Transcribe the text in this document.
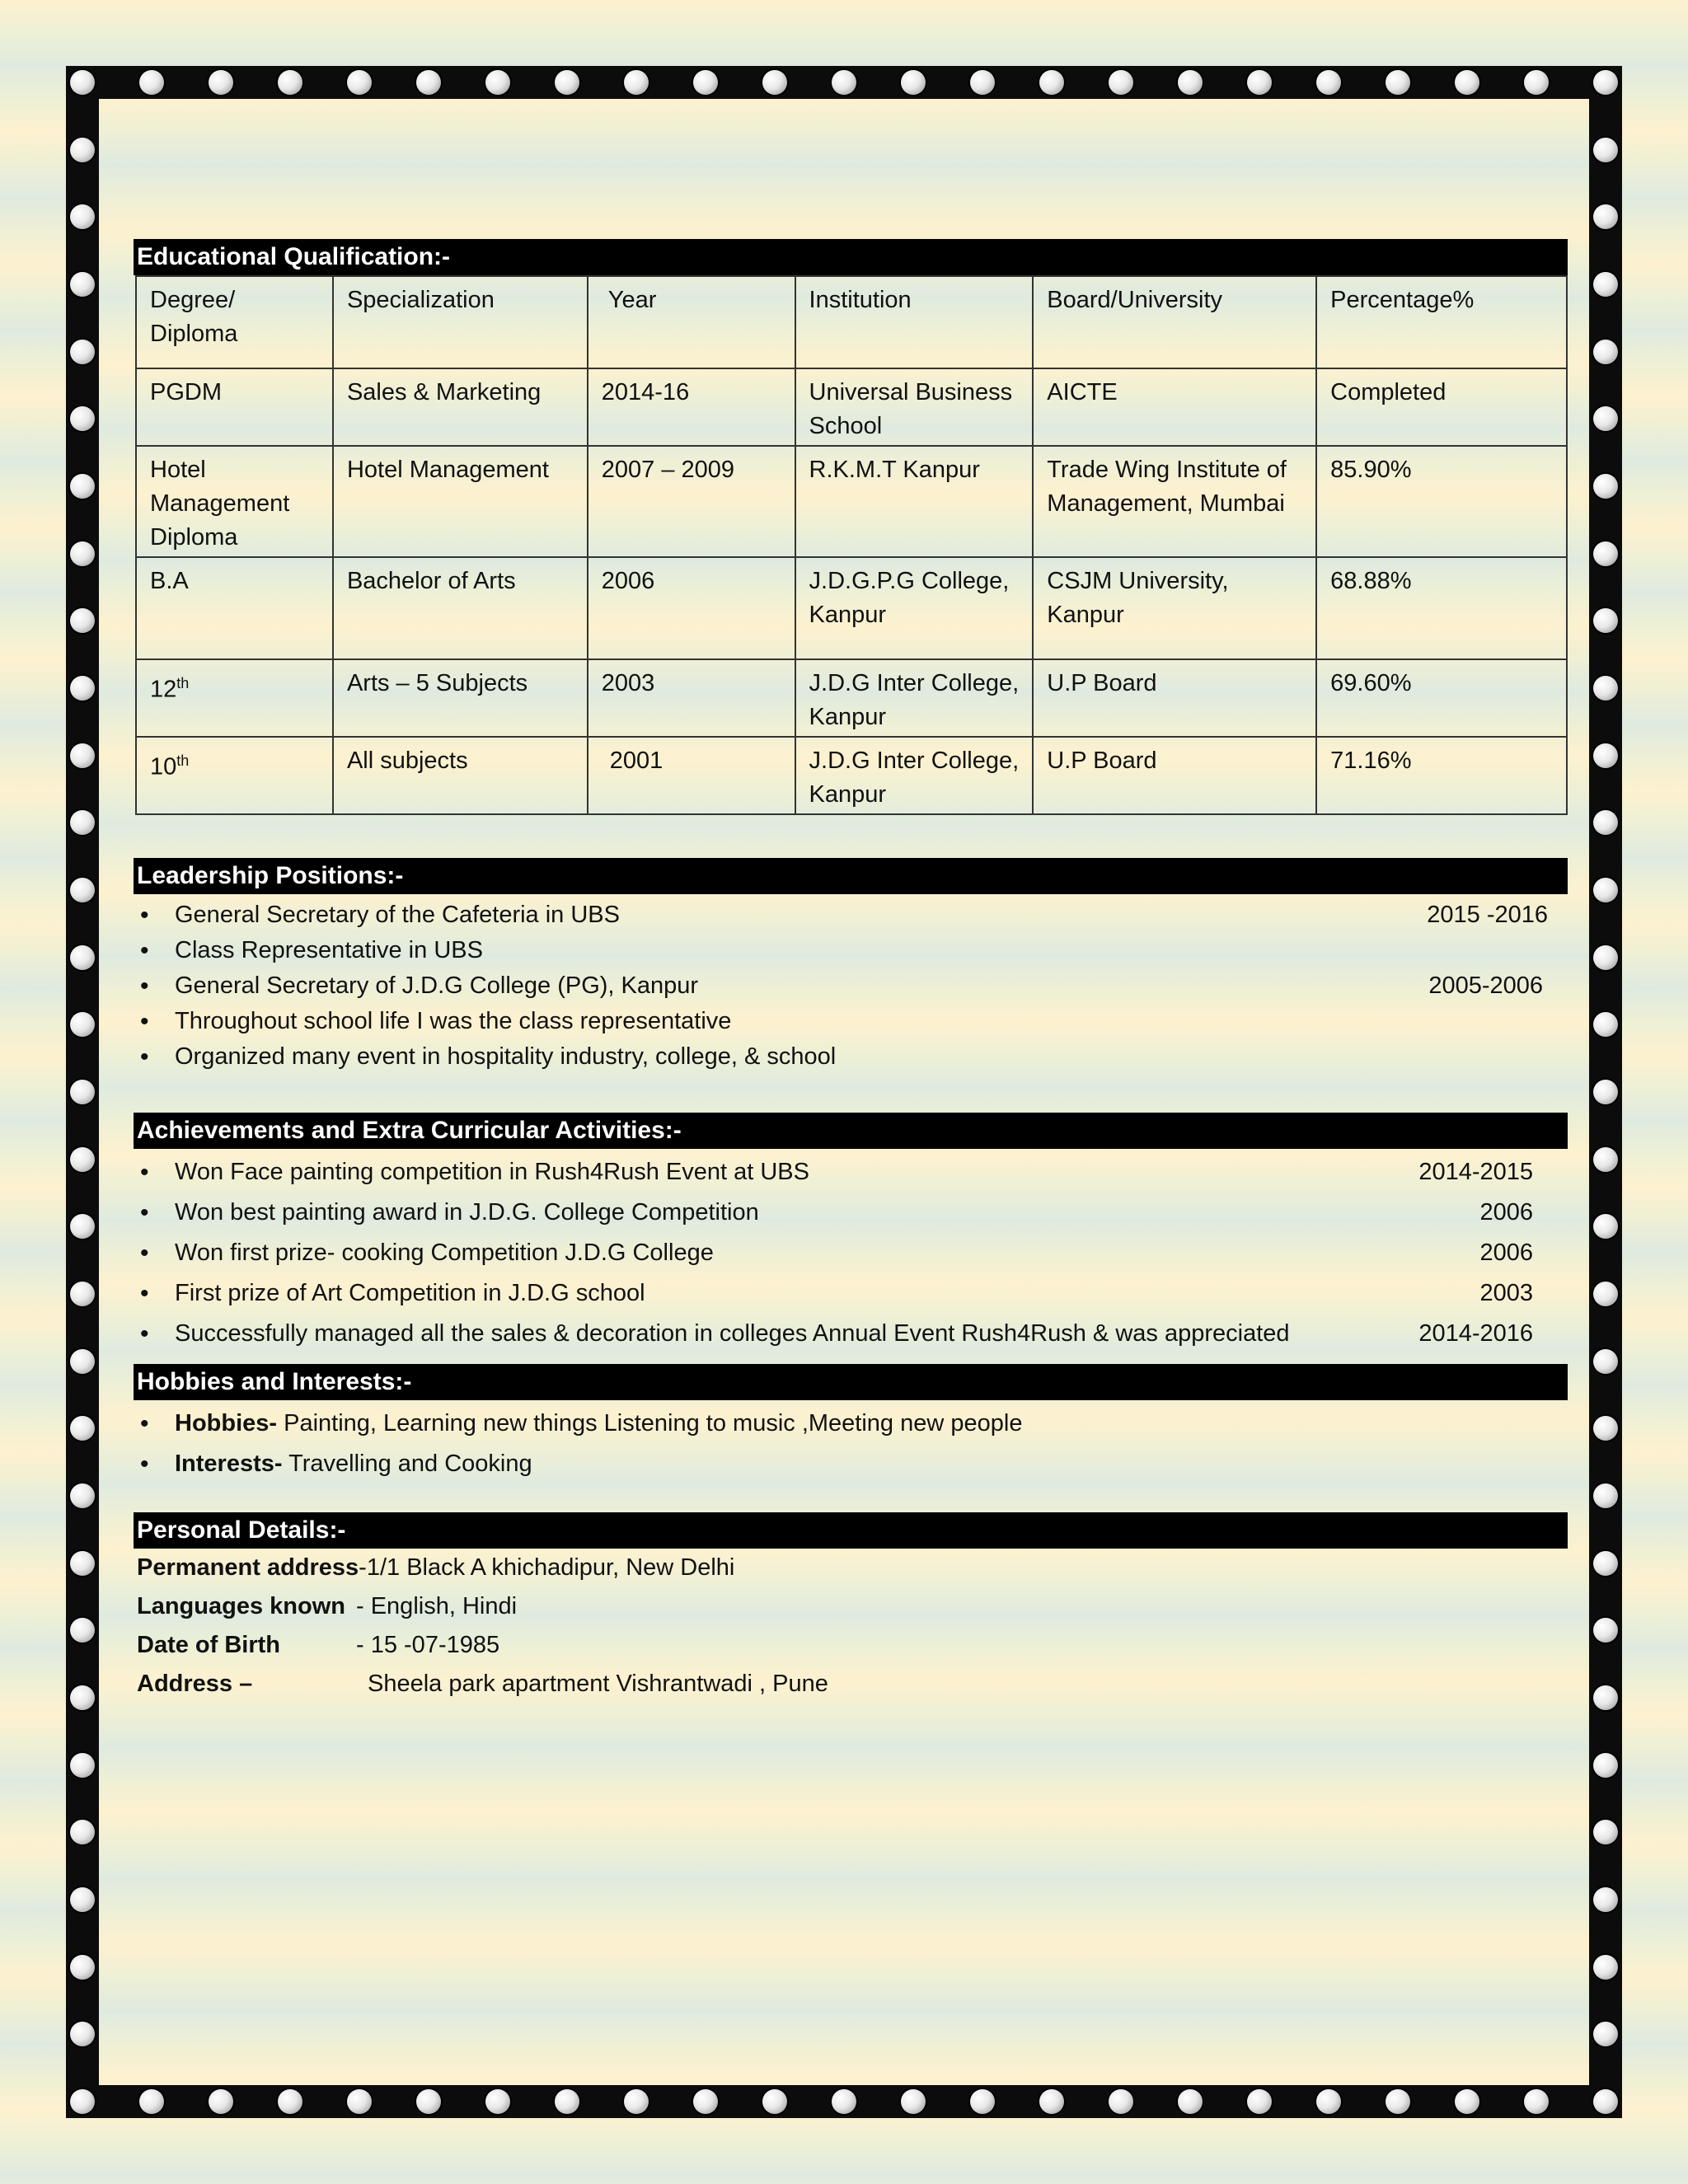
Educational Qualification:-
Degree/
Diploma	Specialization	Year	Institution	Board/University	Percentage%
PGDM	Sales & Marketing	2014-16	Universal Business School	AICTE	Completed
Hotel Management Diploma	Hotel Management	2007 – 2009	R.K.M.T Kanpur	Trade Wing Institute of Management, Mumbai	85.90%
B.A	Bachelor of Arts	2006	J.D.G.P.G College, Kanpur	CSJM University, Kanpur	68.88%
12th	Arts – 5 Subjects	2003	J.D.G Inter College, Kanpur	U.P Board	69.60%
10th	All subjects	2001	J.D.G Inter College, Kanpur	U.P Board	71.16%
Leadership Positions:-
• General Secretary of the Cafeteria in UBS	2015 -2016
• Class Representative in UBS
• General Secretary of J.D.G College (PG), Kanpur	2005-2006
• Throughout school life I was the class representative
• Organized many event in hospitality industry, college, & school
Achievements and Extra Curricular Activities:-
• Won Face painting competition in Rush4Rush Event at UBS	2014-2015
• Won best painting award in J.D.G. College Competition	2006
• Won first prize- cooking Competition J.D.G College	2006
• First prize of Art Competition in J.D.G school	2003
• Successfully managed all the sales & decoration in colleges Annual Event Rush4Rush & was appreciated	2014-2016
Hobbies and Interests:-
• Hobbies- Painting, Learning new things Listening to music ,Meeting new people
• Interests- Travelling and Cooking
Personal Details:-
Permanent address -1/1 Black A khichadipur, New Delhi
Languages known - English, Hindi
Date of Birth	- 15 -07-1985
Address –	Sheela park apartment Vishrantwadi , Pune
